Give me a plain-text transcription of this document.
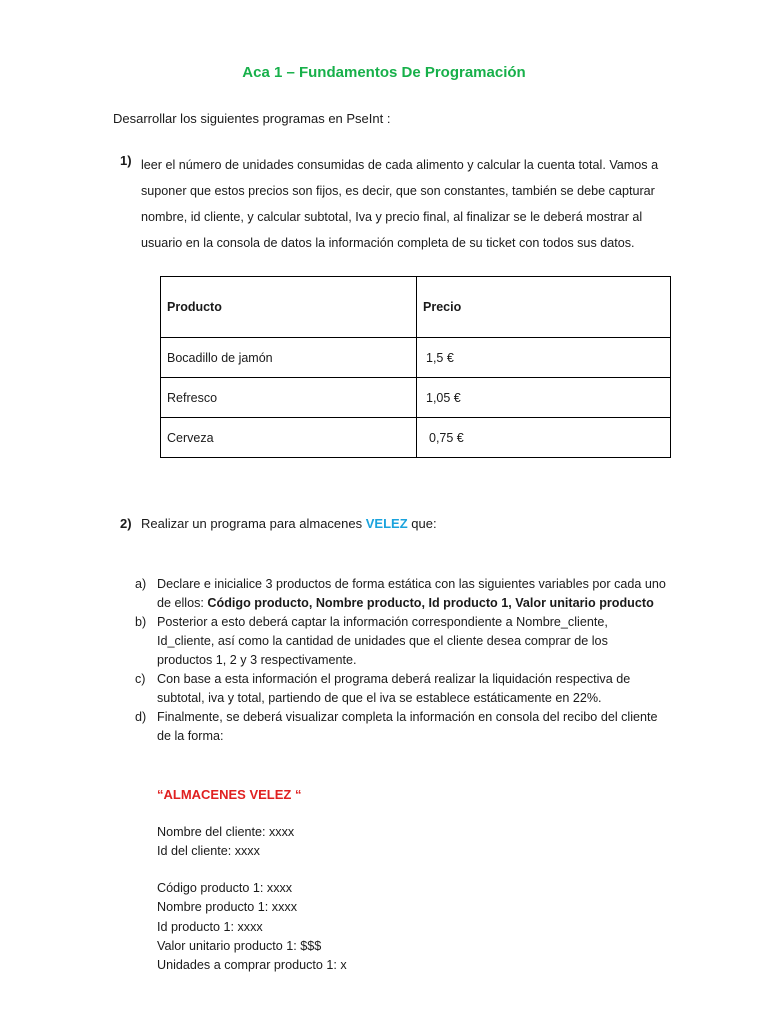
Aca 1 – Fundamentos De Programación
Desarrollar los siguientes programas en PseInt :
1) leer el número de unidades consumidas de cada alimento y calcular la cuenta total. Vamos a
suponer que estos precios son fijos, es decir, que son constantes, también se debe capturar
nombre, id cliente, y calcular subtotal, Iva y precio final, al finalizar se le deberá mostrar al
usuario en la consola de datos la información completa de su ticket con todos sus datos.
Producto	Precio
Bocadillo de jamón	1,5 €
Refresco	1,05 €
Cerveza	0,75 €
2) Realizar un programa para almacenes VELEZ que:
a) Declare e inicialice 3 productos de forma estática con las siguientes variables por cada uno
de ellos: Código producto, Nombre producto, Id producto 1, Valor unitario producto
b) Posterior a esto deberá captar la información correspondiente a Nombre_cliente,
Id_cliente, así como la cantidad de unidades que el cliente desea comprar de los
productos 1, 2 y 3 respectivamente.
c) Con base a esta información el programa deberá realizar la liquidación respectiva de
subtotal, iva y total, partiendo de que el iva se establece estáticamente en 22%.
d) Finalmente, se deberá visualizar completa la información en consola del recibo del cliente
de la forma:
“ALMACENES VELEZ “
Nombre del cliente: xxxx
Id del cliente: xxxx
Código producto 1: xxxx
Nombre producto 1: xxxx
Id producto 1: xxxx
Valor unitario producto 1: $$$
Unidades a comprar producto 1: x
